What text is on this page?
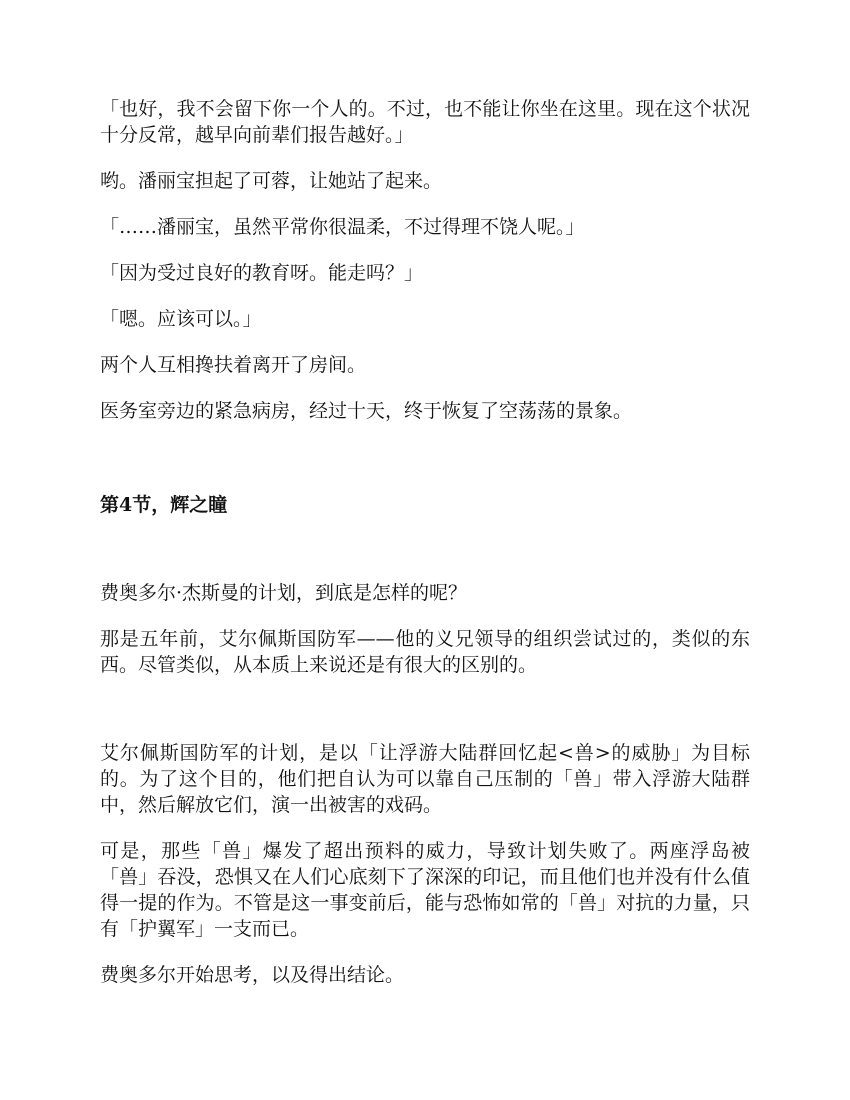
「也好，我不会留下你一个人的。不过，也不能让你坐在这里。现在这个状况十分反常，越早向前辈们报告越好。」

哟。潘丽宝担起了可蓉，让她站了起来。

「……潘丽宝，虽然平常你很温柔，不过得理不饶人呢。」

「因为受过良好的教育呀。能走吗？」

「嗯。应该可以。」

两个人互相搀扶着离开了房间。

医务室旁边的紧急病房，经过十天，终于恢复了空荡荡的景象。

第4节，辉之瞳

费奥多尔·杰斯曼的计划，到底是怎样的呢？

那是五年前，艾尔佩斯国防军——他的义兄领导的组织尝试过的，类似的东西。尽管类似，从本质上来说还是有很大的区别的。

艾尔佩斯国防军的计划，是以「让浮游大陆群回忆起<兽>的威胁」为目标的。为了这个目的，他们把自认为可以靠自己压制的「兽」带入浮游大陆群中，然后解放它们，演一出被害的戏码。

可是，那些「兽」爆发了超出预料的威力，导致计划失败了。两座浮岛被「兽」吞没，恐惧又在人们心底刻下了深深的印记，而且他们也并没有什么值得一提的作为。不管是这一事变前后，能与恐怖如常的「兽」对抗的力量，只有「护翼军」一支而已。

费奥多尔开始思考，以及得出结论。
